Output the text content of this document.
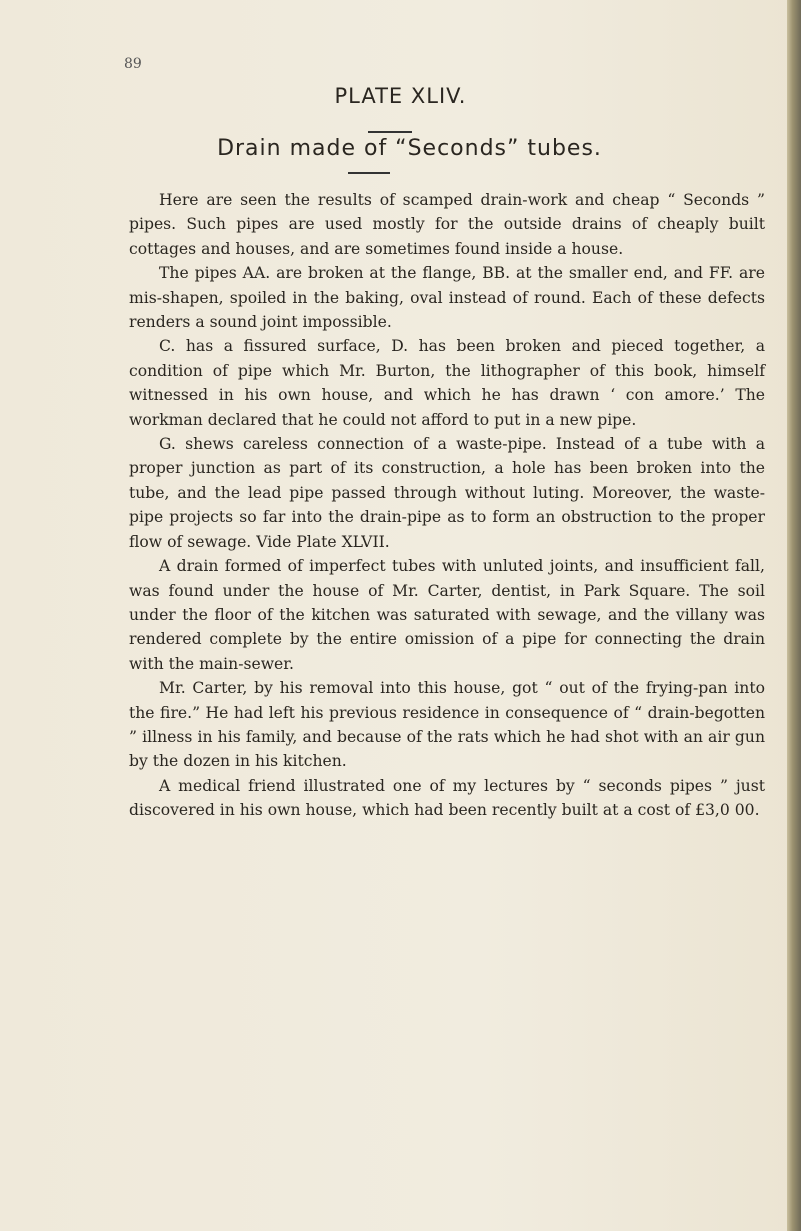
89
PLATE XLIV.
Drain made of “Seconds” tubes.

Here are seen the results of scamped drain-work and cheap “ Seconds ” pipes. Such pipes are used mostly for the outside drains of cheaply built cottages and houses, and are sometimes found inside a house.

The pipes AA. are broken at the flange, BB. at the smaller end, and FF. are mis-shapen, spoiled in the baking, oval instead of round. Each of these defects renders a sound joint impossible.

C. has a fissured surface, D. has been broken and pieced together, a condition of pipe which Mr. Burton, the lithographer of this book, himself witnessed in his own house, and which he has drawn ‘ con amore.’ The workman declared that he could not afford to put in a new pipe.

G. shews careless connection of a waste-pipe. Instead of a tube with a proper junction as part of its construction, a hole has been broken into the tube, and the lead pipe passed through without luting. Moreover, the waste-pipe projects so far into the drain-pipe as to form an obstruction to the proper flow of sewage. Vide Plate XLVII.

A drain formed of imperfect tubes with unluted joints, and insufficient fall, was found under the house of Mr. Carter, dentist, in Park Square. The soil under the floor of the kitchen was saturated with sewage, and the villany was rendered complete by the entire omission of a pipe for connecting the drain with the main-sewer.

Mr. Carter, by his removal into this house, got “ out of the frying-pan into the fire.” He had left his previous residence in consequence of “ drain-begotten ” illness in his family, and because of the rats which he had shot with an air gun by the dozen in his kitchen.

A medical friend illustrated one of my lectures by “ seconds pipes ” just discovered in his own house, which had been recently built at a cost of £3,0 00.
